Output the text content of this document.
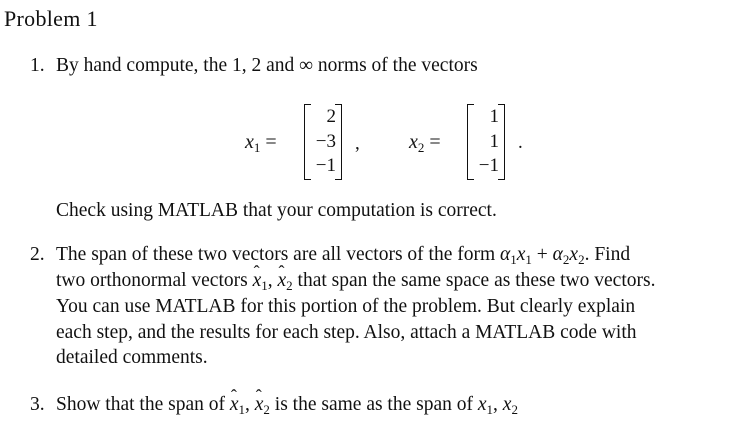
Problem 1
1. By hand compute, the 1, 2 and ∞ norms of the vectors
$x_1$ =
2
−3
−1
, $x_2$ =
1
1
−1
.
Check using MATLAB that your computation is correct.
2. The span of these two vectors are all vectors of the form $\alpha_1x_1 + \alpha_2x_2$. Find
two orthonormal vectors ˆ $x_1$, ˆ $x_2$ that span the same space as these two vectors.
You can use MATLAB for this portion of the problem. But clearly explain
each step, and the results for each step. Also, attach a MATLAB code with
detailed comments.
3. Show that the span of ˆ $x_1$, ˆ $x_2$ is the same as the span of $x_1$, $x_2$
